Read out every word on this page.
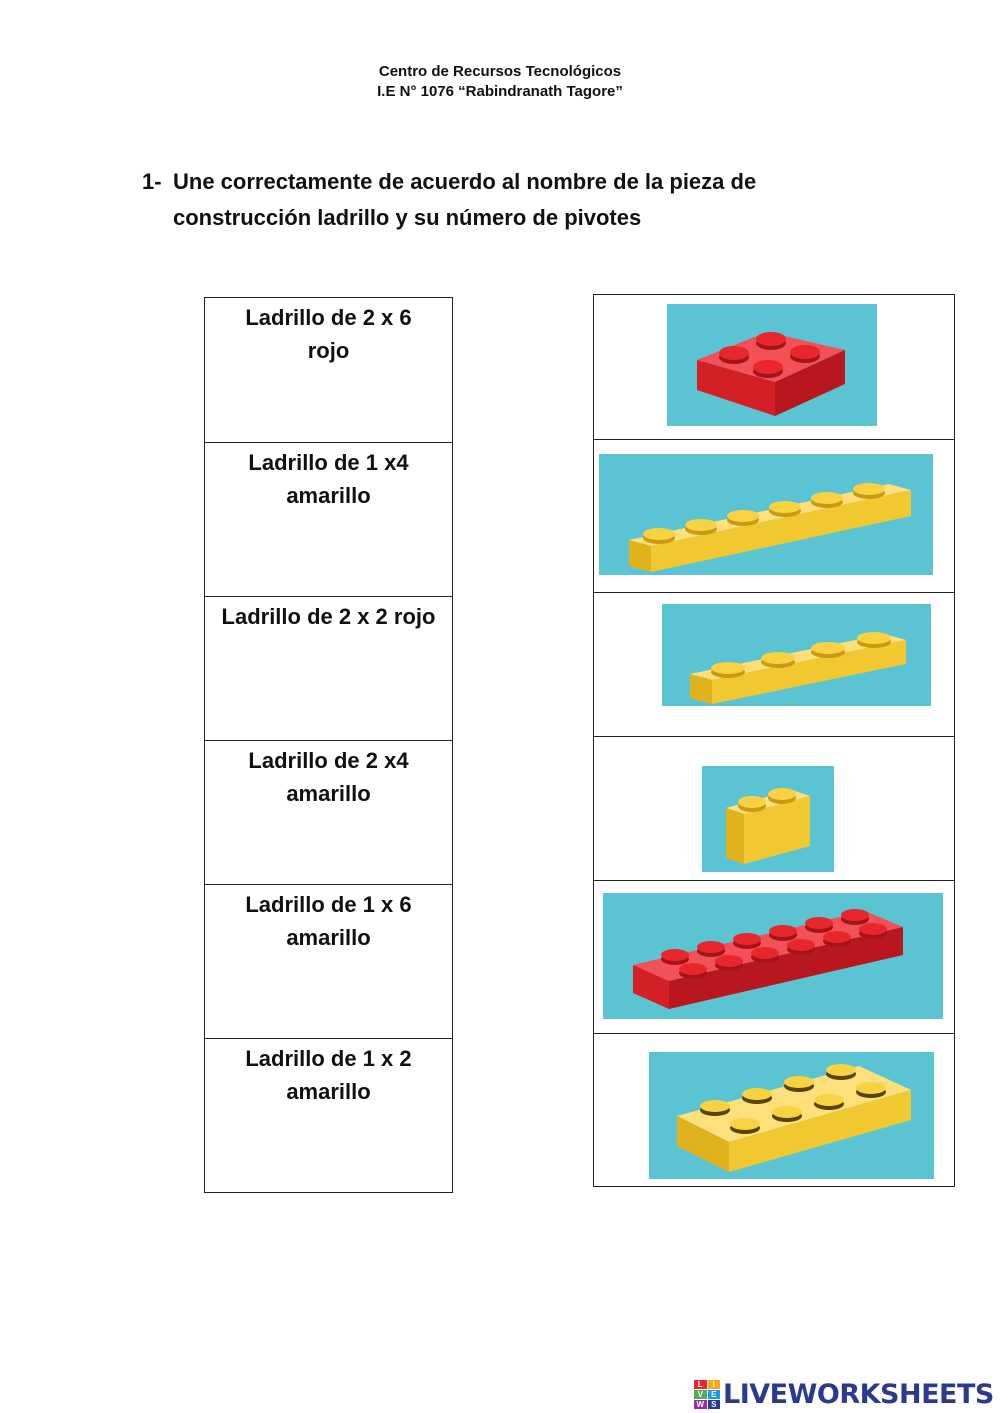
Centro de Recursos Tecnológicos
I.E N° 1076 “Rabindranath Tagore”
1- Une correctamente de acuerdo al nombre de la pieza de
construcción ladrillo y su número de pivotes
Ladrillo de 2 x 6
rojo
Ladrillo de 1 x4
amarillo
Ladrillo de 2 x 2 rojo
Ladrillo de 2 x4
amarillo
Ladrillo de 1 x 6
amarillo
Ladrillo de 1 x 2
amarillo
L	I
V	E
W S LIVEWORKSHEETS
